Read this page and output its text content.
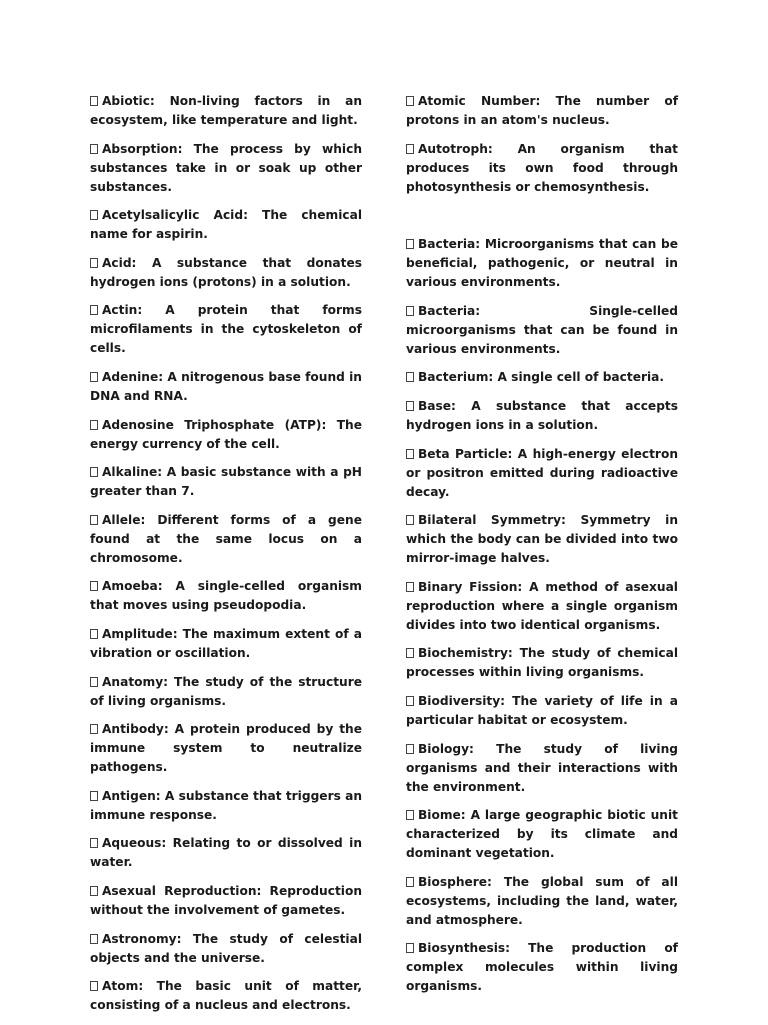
Abiotic: Non-living factors in an ecosystem, like temperature and light.

Absorption: The process by which substances take in or soak up other substances.

Acetylsalicylic Acid: The chemical name for aspirin.

Acid: A substance that donates hydrogen ions (protons) in a solution.

Actin: A protein that forms microfilaments in the cytoskeleton of cells.

Adenine: A nitrogenous base found in DNA and RNA.

Adenosine Triphosphate (ATP): The energy currency of the cell.

Alkaline: A basic substance with a pH greater than 7.

Allele: Different forms of a gene found at the same locus on a chromosome.

Amoeba: A single-celled organism that moves using pseudopodia.

Amplitude: The maximum extent of a vibration or oscillation.

Anatomy: The study of the structure of living organisms.

Antibody: A protein produced by the immune system to neutralize pathogens.

Antigen: A substance that triggers an immune response.

Aqueous: Relating to or dissolved in water.

Asexual Reproduction: Reproduction without the involvement of gametes.

Astronomy: The study of celestial objects and the universe.

Atom: The basic unit of matter, consisting of a nucleus and electrons.

Atomic Number: The number of protons in an atom's nucleus.

Autotroph: An organism that produces its own food through photosynthesis or chemosynthesis.

Bacteria: Microorganisms that can be beneficial, pathogenic, or neutral in various environments.

Bacteria: Single-celled microorganisms that can be found in various environments.

Bacterium: A single cell of bacteria.

Base: A substance that accepts hydrogen ions in a solution.

Beta Particle: A high-energy electron or positron emitted during radioactive decay.

Bilateral Symmetry: Symmetry in which the body can be divided into two mirror-image halves.

Binary Fission: A method of asexual reproduction where a single organism divides into two identical organisms.

Biochemistry: The study of chemical processes within living organisms.

Biodiversity: The variety of life in a particular habitat or ecosystem.

Biology: The study of living organisms and their interactions with the environment.

Biome: A large geographic biotic unit characterized by its climate and dominant vegetation.

Biosphere: The global sum of all ecosystems, including the land, water, and atmosphere.

Biosynthesis: The production of complex molecules within living organisms.
